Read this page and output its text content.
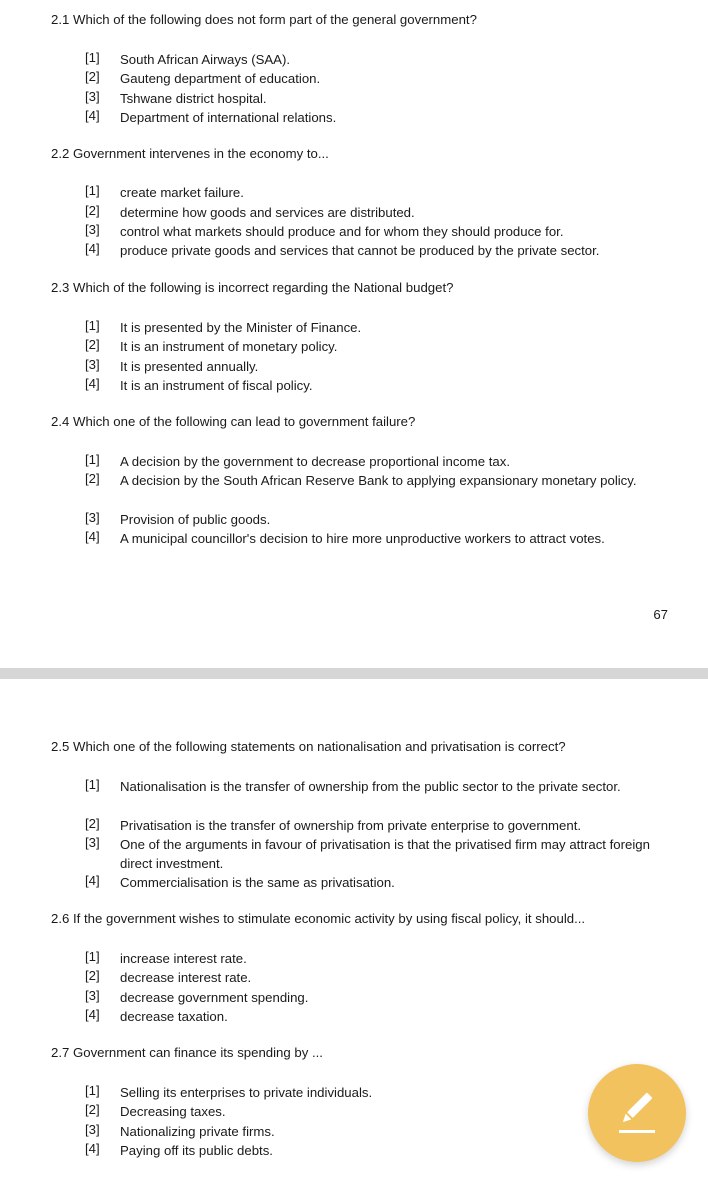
2.1 Which of the following does not form part of the general government?
[1] South African Airways (SAA).
[2] Gauteng department of education.
[3] Tshwane district hospital.
[4] Department of international relations.
2.2 Government intervenes in the economy to...
[1] create market failure.
[2] determine how goods and services are distributed.
[3] control what markets should produce and for whom they should produce for.
[4] produce private goods and services that cannot be produced by the private sector.
2.3 Which of the following is incorrect regarding the National budget?
[1] It is presented by the Minister of Finance.
[2] It is an instrument of monetary policy.
[3] It is presented annually.
[4] It is an instrument of fiscal policy.
2.4 Which one of the following can lead to government failure?
[1] A decision by the government to decrease proportional income tax.
[2] A decision by the South African Reserve Bank to applying expansionary monetary policy.
[3] Provision of public goods.
[4] A municipal councillor's decision to hire more unproductive workers to attract votes.
67
2.5 Which one of the following statements on nationalisation and privatisation is correct?
[1] Nationalisation is the transfer of ownership from the public sector to the private sector.
[2] Privatisation is the transfer of ownership from private enterprise to government.
[3] One of the arguments in favour of privatisation is that the privatised firm may attract foreign direct investment.
[4] Commercialisation is the same as privatisation.
2.6 If the government wishes to stimulate economic activity by using fiscal policy, it should...
[1] increase interest rate.
[2] decrease interest rate.
[3] decrease government spending.
[4] decrease taxation.
2.7 Government can finance its spending by ...
[1] Selling its enterprises to private individuals.
[2] Decreasing taxes.
[3] Nationalizing private firms.
[4] Paying off its public debts.
